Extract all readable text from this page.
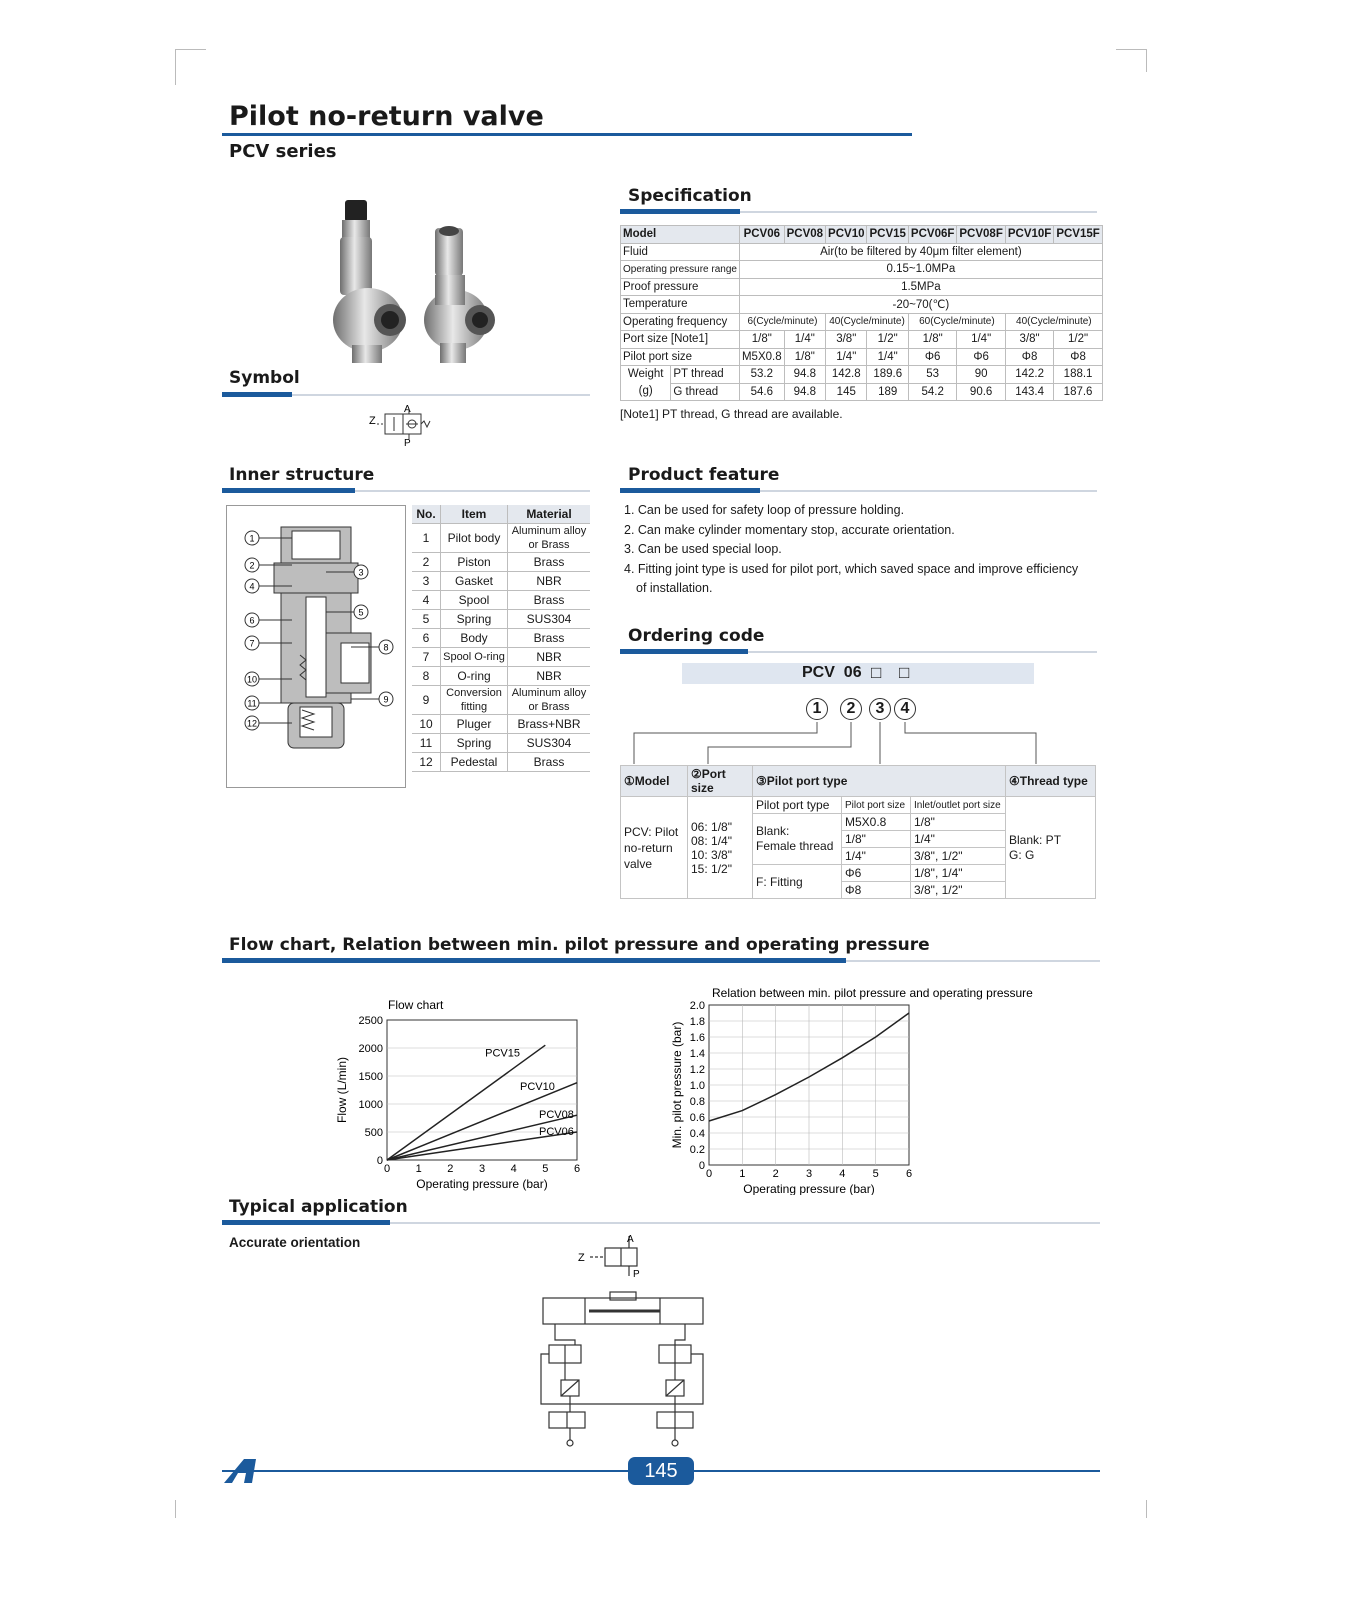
Pilot no-return valve
PCV series
Symbol
Z
A
P
Specification
Model		PCV06	PCV08	PCV10	PCV15	PCV06F	PCV08F	PCV10F	PCV15F
Fluid		Air(to be filtered by 40μm filter element)							
Operating pressure range		0.15~1.0MPa							
Proof pressure		1.5MPa							
Temperature		-20~70(℃)							
Operating frequency		6(Cycle/minute)		40(Cycle/minute)		60(Cycle/minute)		40(Cycle/minute)	
Port size [Note1]		1/8"	1/4"	3/8"	1/2"	1/8"	1/4"	3/8"	1/2"
Pilot port size		M5X0.8	1/8"	1/4"	1/4"	Φ6	Φ6	Φ8	Φ8
Weight
(g)	PT thread	53.2	94.8	142.8	189.6	53	90	142.2	188.1
	G thread	54.6	94.8	145	189	54.2	90.6	143.4	187.6
[Note1] PT thread, G thread are available.
Inner structure
1
2
3
4
5
6
7	8
9
10
11
12
No.	Item	Material
1	Pilot body	Aluminum alloy or Brass
2	Piston	Brass
3	Gasket	NBR
4	Spool	Brass
5	Spring	SUS304
6	Body	Brass
7	Spool O-ring	NBR
8	O-ring	NBR
9	Conversion fitting	Aluminum alloy or Brass
10	Pluger	Brass+NBR
11	Spring	SUS304
12	Pedestal	Brass
Product feature
1. Can be used for safety loop of pressure holding.
2. Can make cylinder momentary stop, accurate orientation.
3. Can be used special loop.
4. Fitting joint type is used for pilot port, which saved space and improve efficiency
of installation.
Ordering code
PCV  06 □ □
1	2	3	4
①Model	②Port size	③Pilot port type			④Thread type
PCV: Pilot
no-return
valve	06: 1/8"
08: 1/4"
10: 3/8"
15: 1/2"	Pilot port type	Pilot port size	Inlet/outlet port size	Blank: PT
G: G
		Blank:
Female thread	M5X0.8	1/8"	
			1/8"	1/4"	
			1/4"	3/8", 1/2"	
		F: Fitting	Φ6	1/8", 1/4"	
			Φ8	3/8", 1/2"	
Flow chart, Relation between min. pilot pressure and operating pressure
0
500
1000
1500
2000
2500
0 1 2 3 4 5 6
Flow chart
Operating pressure (bar)
Flow (L/min)
PCV15
PCV10
PCV08
PCV06
0
0.2
0.4
0.6
0.8
1.0
1.2
1.4
1.6
1.8
2.0
0 1 2 3 4 5 6
Relation between min. pilot pressure and operating pressure
Operating pressure (bar)
Min. pilot pressure (bar)
Typical application
Accurate orientation
Z
A
P
145
